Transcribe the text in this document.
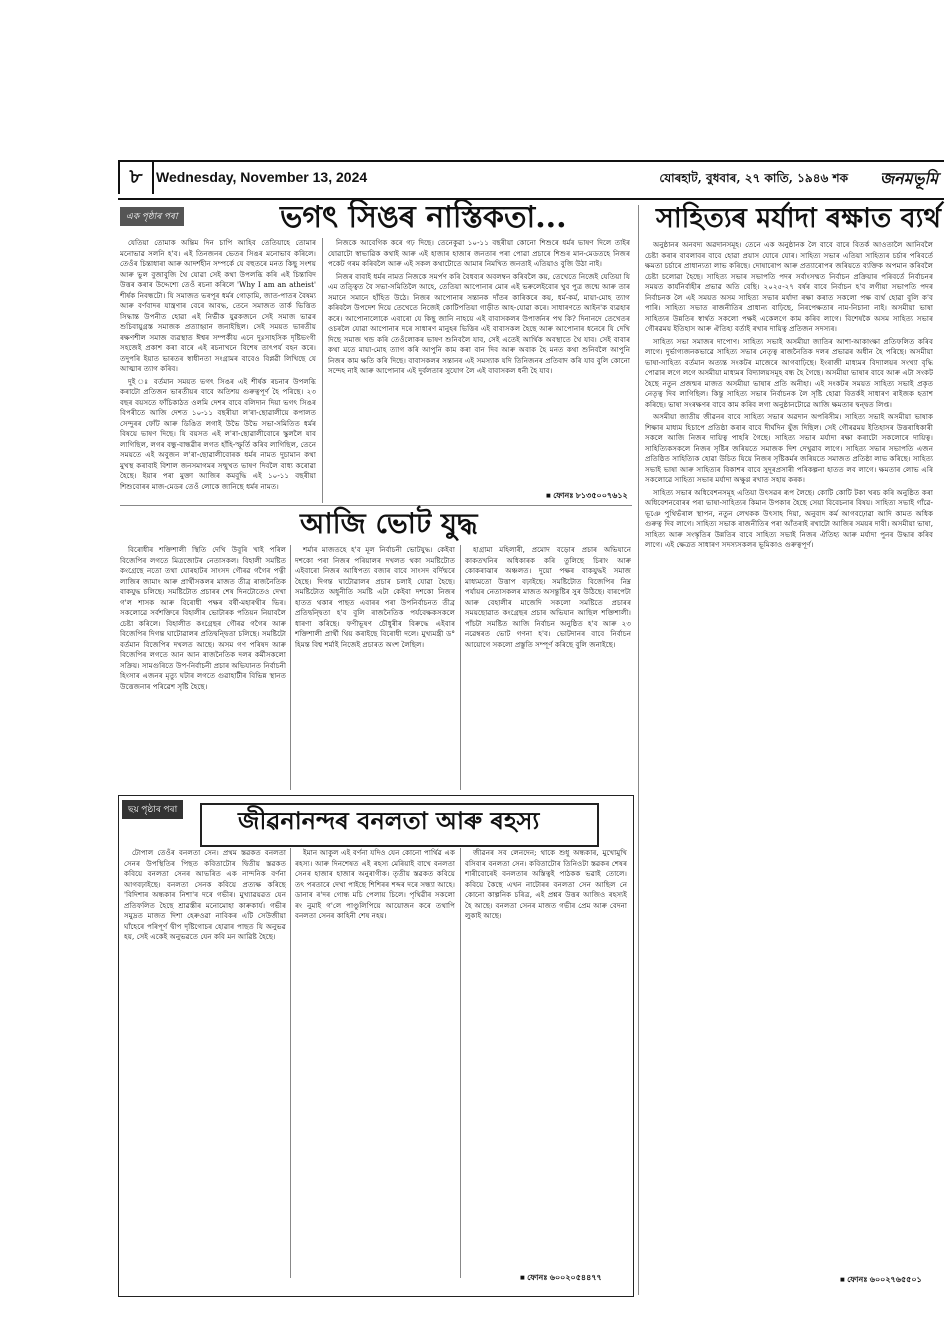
৮ Wednesday, November 13, 2024	যোৰহাট, বুধবাৰ, ২৭ কাতি, ১৯৪৬ শক জনমভূমি
এক পৃষ্ঠাৰ পৰা	ভগৎ সিঙৰ নাস্তিকতা...

যেতিয়া তোমাক অন্তিম দিন চাপি আহিব তেতিয়াহে তোমাৰ মনোভাৱ সলনি হ'ব। এই তিনজনৰ ভেতৰ সিঙৰ মনোভাব কৰিলে। তেওঁৰ চিন্তাধাৰা আৰু আদৰ্শহীন সম্পৰ্কে যে বহুতৰে মনত কিছু সংশয় আৰু ভুল বুজাবুজি থৈ যোৱা সেই কথা উপলব্ধি কৰি এই চিন্তাবিদ উত্তৰ কৰাৰ উদ্দেশ্যে তেওঁ ৰচনা কৰিলে 'Why I am an atheist' শীৰ্ষক নিবন্ধটো। যি সমাজত ভৰপূৰ ধৰ্মৰ গোড়ামি, জাত-পাতৰ বৈষম্য আৰু বৰ্ণবাদৰ যান্ত্ৰণাৰ বেৰে আবদ্ধ, তেনে সমাজত তাৰ্ক ভিত্তিত সিদ্ধান্ত উপনীত হোৱা এই নিৰ্ভীক যুৱকজনে সেই সমাজ ভাৱৰ শুচিবায়ুগ্ৰস্ত সমাজক প্ৰত্যাহ্বান জনাইছিল। সেই সময়ত ভাৰতীয় ৰক্ষণশীল সমাজ ব্যৱস্থাত ঈশ্বৰ সম্পৰ্কীয় এনে দুঃসাহসিক দৃষ্টিভংগী সহজেই প্ৰকাশ কৰা বাৰে এই ৰচনাখনে বিশেষ তাৎপৰ্য বহন কৰে। তদুপৰি ইয়াত ভাৰতৰ স্বাধীনতা সংগ্ৰামৰ বাবেও বিপ্লৱী লিখিছে যে আত্মাৰ ত্যাগ কৰিব।

দুই ঃ বৰ্তমান সময়ত ভগৎ সিঙৰ এই শীৰ্ষক ৰচনাৰ উপলব্ধি কৰাটো প্ৰতিজন ভাৰতীয়ৰ বাবে অতিশয় গুৰুত্বপূৰ্ণ হৈ পৰিছে। ২৩ বছৰ বয়সতে ফাঁচিকাঠত ওলমি দেশৰ বাবে বলিদান দিয়া ভগৎ সিঙৰ বিপৰীতে আজি দেশত ১০-১১ বছৰীয়া ল'ৰা-ছোৱালীয়ে কপালত সেন্দুৰৰ ফোঁট আৰু ডিঙিত লগাই উভৈ উভৈ সভা-সমিতিত ধৰ্মৰ বিষয়ে ভাষণ দিছে। যি বয়সত এই ল'ৰা-ছোৱালীবোৰে স্কুললৈ যাব লাগিছিল, লগৰ বন্ধু-বান্ধৱীৰ লগত হাঁহি-স্ফূৰ্তি কৰিব লাগিছিল, তেনে সময়তে এই অবুজন ল'ৰা-ছোৱালীবোৰক ধৰ্মৰ নামত দুচামান কথা মুখস্থ কৰাবাই বিশাল জনসমাগমৰ সন্মুখত ভাষণ দিবলৈ বাধ্য কৰোৱা হৈছে। ইয়াৰ পৰা মুক্তা আজিৰ কমবুদ্ধি এই ১০-১১ বছৰীয়া শিশুবোৰৰ মাজ-মেডৰ তেওঁ লোকে জানিছে ধৰ্মৰ নামত।

নিজকে আবেগিক কৰে গঢ় দিছে। তেনেকুৱা ১০-১১ বছৰীয়া কোনো শিশুৰে ধৰ্মৰ ভাষণ দিলে তাইৰ যোৱাটো স্বাভাৱিক কথাই আৰু এই হাজাৰ হাজাৰ জনতাৰ পৰা পোৱা প্ৰচাৰে শিশুৰ মান-মেডতহে নিজৰ পকেট গৰম কৰিবলৈ আৰু এই সকল কথাটোতে আমাৰ নিমখিত জনতাই এতিয়াও বুজি উঠা নাই।

নিজৰ বাবাই ধৰ্মৰ নামত নিজকে সমৰ্পণ কৰি বৈধব্যৰ অবলম্বন কৰিবলৈ কয়, তেখেতে নিজেই যেতিয়া যি এম তত্ত্বিত বৈ সভা-সমিতিলৈ আহে, তেতিয়া আপোনাৰ মোৰ এই ভৰুলেইবোৰ খুব পুত্ৰ জন্মে আৰু তাৰ সমানে সমানে হাঁহিত উঠে। নিজৰ আপোনাৰ সন্তানক দাঁতৰ কাৰিকৰে কয়, ধৰ্ম-কৰ্ম, মায়া-মোহ ত্যাগ কৰিবলৈ উপদেশ দিয়ে তেখেতে নিজেই কোটিপতিয়া গাড়ীত আহ-যোৱা কৰে। সাধাৰণতে আইন'ক ব্যৱহাৰ কৰে। আপোনালোকে এবাৰো যে কিছু জানি নাহয়ে এই বাবাসকলৰ উপাৰ্জনৰ পথ কি? দিনানদে তেখেতৰ ওচৰলৈ যোৱা আপোনাৰ দৰে সাধাৰণ মানুহৰ ভিত্তিৰ এই বাবাসকল হৈছে আৰু আপোনাৰ ধনেৰে যি দেখি দিছে সমাজ খন্ড কৰি তেওঁলোকৰ ভাষণ শুনিবলৈ যাব, সেই এতেই আৰ্থিক অবস্থাতে থৈ যাব। সেই বাবাৰ কথা মতে মায়া-মোহ ত্যাগ কৰি আপুনি কাম কৰা বান দিব আৰু অবাক হৈ মনত কথা শুনিবলৈ আপুনি নিজৰ কাম ক্ষতি কৰি দিছে। বাবাসকলৰ সন্তানৰ এই সমস্যাক যদি তিনিজনৰ প্ৰতিবাদ কৰি যাব বুলি কোনো সন্দেহ নাই আৰু আপোনাৰ এই দুৰ্বলতাৰ সুযোগ লৈ এই বাবাসকল ধনী হৈ যাব।

■ ফোনঃ ৮১৩৫০০৭৬১২
সাহিত্যৰ মৰ্যাদা ৰক্ষাত ব্যৰ্থ

অনুষ্ঠানৰ অনবদ্য অৱদানসমূহ। তেনে এক অনুষ্ঠানক লৈ বাবে বাৰে বিতৰ্ক আওতালৈ আনিবলৈ চেষ্টা কৰাৰ বাবলাবৰ বাবে হোৱা প্ৰয়াস যোৰে যোৰ। সাহিত্য সভাৰ এতিয়া সাহিত্যৰ চৰ্চাৰ পৰিবৰ্তে ক্ষমতা চৰ্চাৰে প্ৰাধান্যতা লাভ কৰিছে। দোষাৰোপ আৰু প্ৰত্যাৰোপৰ জৰিয়তে ব্যক্তিক অপমান কৰিবলৈ চেষ্টা চলোৱা হৈছে। সাহিত্য সভাৰ সভাপতি পদৰ সৰ্বাংসম্মত নিৰ্বাচন প্ৰক্ৰিয়াৰ পৰিবৰ্তে নিৰ্বাচনৰ সময়ত কাৰ্যনিৰ্বাহীৰ প্ৰভাৱ অতি বেছি। ২০২৫-২৭ বৰ্ষৰ বাবে নিৰ্বাচন হ'ব লগীয়া সভাপতি পদৰ নিৰ্বাচনক লৈ এই সময়ত অসম সাহিত্য সভাৰ মৰ্যাদা ৰক্ষা কৰাত সকলো পক্ষ ব্যৰ্থ হোৱা বুলি ক'ব পাৰি। সাহিত্য সভাত ৰাজনীতিৰ প্ৰাধান্য বাঢ়িছে, নিৰপেক্ষতাৰ নাম-নিচানা নাই। অসমীয়া ভাষা সাহিত্যৰ উন্নতিৰ স্বাৰ্থত সকলো পক্ষই একেলগে কাম কৰিব লাগে। বিশেষকৈ অসম সাহিত্য সভাৰ গৌৰৱময় ইতিহাস আৰু ঐতিহ্য বৰ্তাই ৰখাৰ দায়িত্ব প্ৰতিজন সদস্যৰ।

সাহিত্য সভা সমাজৰ দাপোণ। সাহিত্য সভাই অসমীয়া জাতিৰ আশা-আকাংক্ষা প্ৰতিফলিত কৰিব লাগে। দুৰ্ভাগ্যজনকভাৱে সাহিত্য সভাৰ নেতৃত্ব ৰাজনৈতিক দলৰ প্ৰভাৱৰ অধীন হৈ পৰিছে। অসমীয়া ভাষা-সাহিত্য বৰ্তমান অত্যন্ত সংকটৰ মাজেৰে আগবাঢ়িছে। ইংৰাজী মাধ্যমৰ বিদ্যালয়ৰ সংখ্যা বৃদ্ধি পোৱাৰ লগে লগে অসমীয়া মাধ্যমৰ বিদ্যালয়সমূহ বন্ধ হৈ গৈছে। অসমীয়া ভাষাৰ বাবে আৰু এটা সংকট হৈছে নতুন প্ৰজন্মৰ মাজত অসমীয়া ভাষাৰ প্ৰতি অনীহা। এই সংকটৰ সময়ত সাহিত্য সভাই প্ৰকৃত নেতৃত্ব দিব লাগিছিল। কিন্তু সাহিত্য সভাৰ নিৰ্বাচনক লৈ সৃষ্টি হোৱা বিতৰ্কই সাধাৰণ ৰাইজক হতাশ কৰিছে। ভাষা সংৰক্ষণৰ বাবে কাম কৰিব লগা অনুষ্ঠানটোৱে আজি ক্ষমতাৰ দ্বন্দ্বত লিপ্ত।

অসমীয়া জাতীয় জীৱনৰ বাবে সাহিত্য সভাৰ অৱদান অপৰিসীম। সাহিত্য সভাই অসমীয়া ভাষাক শিক্ষাৰ মাধ্যম হিচাপে প্ৰতিষ্ঠা কৰাৰ বাবে দীৰ্ঘদিন যুঁজ দিছিল। সেই গৌৰৱময় ইতিহাসৰ উত্তৰাধিকাৰী সকলে আজি নিজৰ দায়িত্ব পাহৰি গৈছে। সাহিত্য সভাৰ মৰ্যাদা ৰক্ষা কৰাটো সকলোৰে দায়িত্ব। সাহিত্যিকসকলে নিজৰ সৃষ্টিৰ জৰিয়তে সমাজক দিশ দেখুৱাব লাগে। সাহিত্য সভাৰ সভাপতি এজন প্ৰতিষ্ঠিত সাহিত্যিক হোৱা উচিত যিয়ে নিজৰ সৃষ্টিকৰ্মৰ জৰিয়তে সমাজত প্ৰতিষ্ঠা লাভ কৰিছে। সাহিত্য সভাই ভাষা আৰু সাহিত্যৰ বিকাশৰ বাবে সুদূৰপ্ৰসাৰী পৰিকল্পনা হাতত লব লাগে। ক্ষমতাৰ লোভ এৰি সকলোৱে সাহিত্য সভাৰ মৰ্যাদা অক্ষুণ্ণ ৰখাত সহায় কৰক।

সাহিত্য সভাৰ অধিবেশনসমূহ এতিয়া উৎসৱৰ ৰূপ লৈছে। কোটি কোটি টকা খৰচ কৰি অনুষ্ঠিত কৰা অধিবেশনবোৰৰ পৰা ভাষা-সাহিত্যৰ কিমান উপকাৰ হৈছে সেয়া বিবেচনাৰ বিষয়। সাহিত্য সভাই গাঁৱে-ভূঞে পুথিভঁৰাল স্থাপন, নতুন লেখকক উৎসাহ দিয়া, অনুবাদ কৰ্ম আগবঢ়োৱা আদি কামত অধিক গুৰুত্ব দিব লাগে। সাহিত্য সভাক ৰাজনীতিৰ পৰা আঁতৰাই ৰখাটো আজিৰ সময়ৰ দাবী। অসমীয়া ভাষা, সাহিত্য আৰু সংস্কৃতিৰ উন্নতিৰ বাবে সাহিত্য সভাই নিজৰ ঐতিহ্য আৰু মৰ্যাদা পুনৰ উদ্ধাৰ কৰিব লাগে। এই ক্ষেত্ৰত সাধাৰণ সদস্যসকলৰ ভূমিকাও গুৰুত্বপূৰ্ণ।

■ ফোনঃ ৬০০২৭৬৫৫০১
আজি ভোট যুদ্ধ

বিৰোধীৰ শক্তিশালী স্থিতি দেখি উবুৰি খাই পৰিল বিজেপিৰ লগতে মিত্ৰজোটৰ নেতাসকল। বিহালী সমষ্টিত কংগ্ৰেছে নতো তথা যোৰহাটৰ সাংসদ গৌৰৱ গগৈৰ পত্নী লাজিৰ জামাং আৰু প্ৰাৰ্থীসকলৰ মাজত তীব্ৰ ৰাজনৈতিক বাকযুদ্ধ চলিছে। সমষ্টিটোত প্ৰচাৰৰ শেষ দিনটোতেও দেখা গ'ল শাসক আৰু বিৰোধী পক্ষৰ বৰ্ষী-মহাৰথীৰ ভিৰ। সকলোৱে সৰ্বশক্তিৰে বিহালীৰ ভোটাৰক পতিয়ন নিয়াবলৈ চেষ্টা কৰিলে। বিহালীত কংগ্ৰেছৰ গৌৰৱ গগৈৰ আৰু বিজেপিৰ দিগন্ত ঘাটোৱালৰ প্ৰতিদ্বন্দ্বিতা চলিছে। সমষ্টিটো বৰ্তমান বিজেপিৰ দখলত আছে। অসম গণ পৰিষদ আৰু বিজেপিৰ লগতে আন আন ৰাজনৈতিক দলৰ কৰ্মীসকলো সক্ৰিয়। সামগুৰিতে উপ-নিৰ্বাচনী প্ৰচাৰ অভিযানত নিৰ্বাচনী হিংসাৰ এজনৰ মৃত্যু ঘটাৰ লগতে গুৱাহাটীৰ বিভিন্ন স্থানত উত্তেজনাৰ পৰিৱেশ সৃষ্টি হৈছে।

শৰ্মাৰ মাজতহে হ'ব মূল নিৰ্বাচনী ভোটযুদ্ধ। কেইবা দশকো পৰা নিজৰ পৰিয়ালৰ দখলত থকা সমষ্টিটোত এইবাৰো নিজৰ আধিপত্য বজাৰ বাবে সাংসদ বৰ্দিন্মৰে হৈছে। দিগন্ত ঘাটোৱালৰ প্ৰচাৰ চলাই যোৱা হৈছে। সমষ্টিটোত অধুনীতি সমষ্টি এটা কেইবা দশকো নিজৰ হাতত থকাৰ পাছত এবাৰৰ পৰা উপনিৰ্বাচনত তীব্ৰ প্ৰতিদ্বন্দ্বিতা হ'ব বুলি ৰাজনৈতিক পৰ্যবেক্ষকসকলে ধাৰণা কৰিছে। ফণীভূষণ চৌধুৰীৰ বিৰুদ্ধে এইবাৰ শক্তিশালী প্ৰাৰ্থী থিয় কৰাইছে বিৰোধী দলে। মুখ্যমন্ত্ৰী ড° হিমন্ত বিশ্ব শৰ্মাই নিজেই প্ৰচাৰত অংশ লৈছিল।

হাগ্ৰামা মহিলাৰী, প্ৰমোদ বড়োৰ প্ৰচাৰ অভিযানে কাকতখনিৰ অধিকাৰক কৰি তুলিছে চিৰাং আৰু কোকৰাঝাৰ অঞ্চলত। দুয়ো পক্ষৰ বাকযুদ্ধই সমাজ মাধ্যমতো উত্তাপ বঢ়াইছে। সমষ্টিটোত বিজেপিৰ নিম্ন পৰ্যায়ৰ নেতাসকলৰ মাজত অসন্তুষ্টিৰ সুৰ উঠিছে। বাৰপেটা আৰু বেহালীৰ মাজেদি সকলো সমষ্টিতে প্ৰচাৰৰ সময়ছোৱাত কংগ্ৰেছৰ প্ৰচাৰ অভিযান আছিল শক্তিশালী। পাঁচটা সমষ্টিত আজি নিৰ্বাচন অনুষ্ঠিত হ'ব আৰু ২৩ নৱেম্বৰত ভোট গণনা হ'ব। ভোটদানৰ বাবে নিৰ্বাচন আয়োগে সকলো প্ৰস্তুতি সম্পূৰ্ণ কৰিছে বুলি জনাইছে।

ছয় পৃষ্ঠাৰ পৰা	জীৱনানন্দৰ বনলতা আৰু ৰহস্য

টোপাল তেওঁৰ বনলতা সেন। প্ৰথম স্তৱকত বনলতা সেনৰ উপস্থিতিৰ পিছত কবিতাটোৰ দ্বিতীয় স্তৱকত কবিয়ে বনলতা সেনৰ আভৰিত এক নান্দনিক বৰ্ণনা আগবঢ়াইছে। বনলতা সেনক কবিয়ে প্ৰত্যক্ষ কৰিছে 'বিদিশাৰ অন্ধকাৰ নিশা'ৰ দৰে গভীৰ। মুখ্যাৱয়ৱত যেন প্ৰতিফলিত হৈছে শ্ৰাৱস্তীৰ মনোমোহা কাৰুকাৰ্য। গভীৰ সমুদ্ৰত মাজত দিশা হেৰুওৱা নাবিকৰ এটি সেউজীয়া ঘাঁহেৰে পৰিপূৰ্ণ দ্বীপ দৃষ্টিগোচৰ হোৱাৰ পাছত যি অনুভৱ হয়, সেই একেই অনুভৱতে যেন কবি মন আৱিষ্ট হৈছে।

ইমান আকুল এই বৰ্ণনা যদিও যেন কোনো পাৰ্থিৱ এক ৰহস্য। আৰু দিনশেষত এই ৰহস্য মেৰিয়াই বাখে বনলতা সেনৰ হাজাৰ হাজাৰ অনুৰাগীক। তৃতীয় স্তৱকত কবিয়ে তৎ পৰতাৰে দেখা পাইছে শিশিৰৰ শব্দৰ দৰে সন্ধ্যা আহে। ডানাৰ ৰ'দৰ গোন্ধ মচি পেলায় চিলে। পৃথিৱীৰ সকলো ৰং নুমাই গ'লে পাণ্ডুলিপিয়ে আয়োজন কৰে তথাপি বনলতা সেনৰ কাহিনী শেষ নহয়।

জীৱনৰ সব লেনদেন; থাকে শুধু অন্ধকাৰ, মুখোমুখি বসিবাৰ বনলতা সেন। কবিতাটোৰ তিনিওটা স্তৱকৰ শেষৰ শাৰীবোৰেই বনলতাৰ অস্তিত্বই পাঠকক ভৱাই তোলে। কবিয়ে কৈছে এখন নাটোৰৰ বনলতা সেন আছিল নে কোনো কাল্পনিক চৰিত্ৰ, এই প্ৰশ্নৰ উত্তৰ আজিও ৰহস্যই হৈ আছে। বনলতা সেনৰ মাজত গভীৰ প্ৰেম আৰু বেদনা লুকাই আছে।

■ ফোনঃ ৬০০২০৫৪৪৭৭
